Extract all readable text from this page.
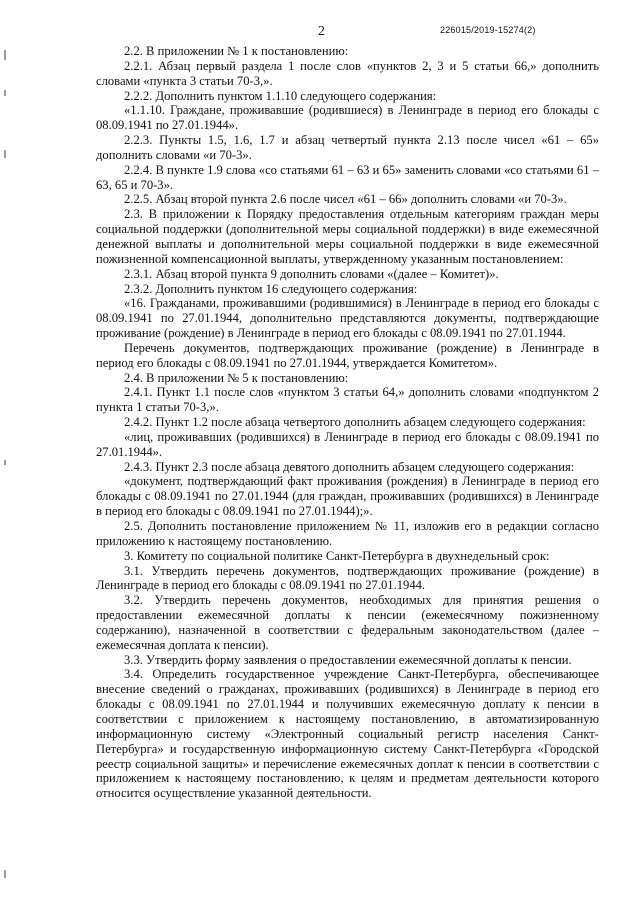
2	226015/2019-15274(2)

2.2. В приложении № 1 к постановлению:

2.2.1. Абзац первый раздела 1 после слов «пунктов 2, 3 и 5 статьи 66,» дополнить словами «пункта 3 статьи 70-3,».

2.2.2. Дополнить пунктом 1.1.10 следующего содержания:

«1.1.10. Граждане, проживавшие (родившиеся) в Ленинграде в период его блокады с 08.09.1941 по 27.01.1944».

2.2.3. Пункты 1.5, 1.6, 1.7 и абзац четвертый пункта 2.13 после чисел «61 – 65» дополнить словами «и 70-3».

2.2.4. В пункте 1.9 слова «со статьями 61 – 63 и 65» заменить словами «со статьями 61 – 63, 65 и 70-3».

2.2.5. Абзац второй пункта 2.6 после чисел «61 – 66» дополнить словами «и 70-3».

2.3. В приложении к Порядку предоставления отдельным категориям граждан меры социальной поддержки (дополнительной меры социальной поддержки) в виде ежемесячной денежной выплаты и дополнительной меры социальной поддержки в виде ежемесячной пожизненной компенсационной выплаты, утвержденному указанным постановлением:

2.3.1. Абзац второй пункта 9 дополнить словами «(далее – Комитет)».

2.3.2. Дополнить пунктом 16 следующего содержания:

«16. Гражданами, проживавшими (родившимися) в Ленинграде в период его блокады с 08.09.1941 по 27.01.1944, дополнительно представляются документы, подтверждающие проживание (рождение) в Ленинграде в период его блокады с 08.09.1941 по 27.01.1944.

Перечень документов, подтверждающих проживание (рождение) в Ленинграде в период его блокады с 08.09.1941 по 27.01.1944, утверждается Комитетом».

2.4. В приложении № 5 к постановлению:

2.4.1. Пункт 1.1 после слов «пунктом 3 статьи 64,» дополнить словами «подпунктом 2 пункта 1 статьи 70-3,».

2.4.2. Пункт 1.2 после абзаца четвертого дополнить абзацем следующего содержания:

«лиц, проживавших (родившихся) в Ленинграде в период его блокады с 08.09.1941 по 27.01.1944».

2.4.3. Пункт 2.3 после абзаца девятого дополнить абзацем следующего содержания:

«документ, подтверждающий факт проживания (рождения) в Ленинграде в период его блокады с 08.09.1941 по 27.01.1944 (для граждан, проживавших (родившихся) в Ленинграде в период его блокады с 08.09.1941 по 27.01.1944);».

2.5. Дополнить постановление приложением № 11, изложив его в редакции согласно приложению к настоящему постановлению.

3. Комитету по социальной политике Санкт-Петербурга в двухнедельный срок:

3.1. Утвердить перечень документов, подтверждающих проживание (рождение) в Ленинграде в период его блокады с 08.09.1941 по 27.01.1944.

3.2. Утвердить перечень документов, необходимых для принятия решения о предоставлении ежемесячной доплаты к пенсии (ежемесячному пожизненному содержанию), назначенной в соответствии с федеральным законодательством (далее – ежемесячная доплата к пенсии).

3.3. Утвердить форму заявления о предоставлении ежемесячной доплаты к пенсии.

3.4. Определить государственное учреждение Санкт-Петербурга, обеспечивающее внесение сведений о гражданах, проживавших (родившихся) в Ленинграде в период его блокады с 08.09.1941 по 27.01.1944 и получивших ежемесячную доплату к пенсии в соответствии с приложением к настоящему постановлению, в автоматизированную информационную систему «Электронный социальный регистр населения Санкт-Петербурга» и государственную информационную систему Санкт-Петербурга «Городской реестр социальной защиты» и перечисление ежемесячных доплат к пенсии в соответствии с приложением к настоящему постановлению, к целям и предметам деятельности которого относится осуществление указанной деятельности.
